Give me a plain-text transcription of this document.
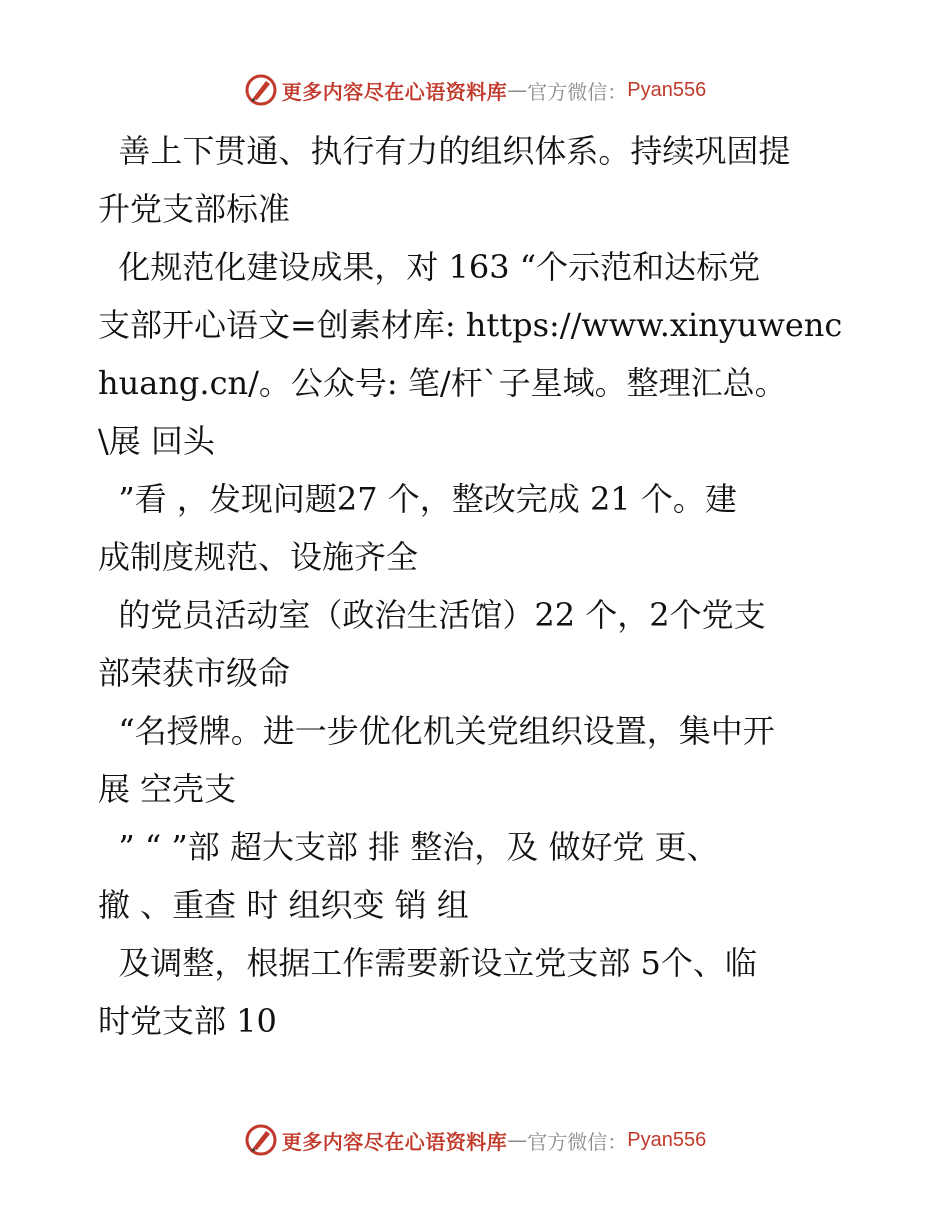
更多内容尽在心语资料库 — 官方微信： Pyan556
善上下贯通、执行有力的组织体系。持续巩固提
升党支部标准
化规范化建设成果，对 163 “个示范和达标党
支部开心语文=创素材库: https://www.xinyuwenc
huang.cn/。公众号: 笔/杆`子星域。整理汇总。
\展 回头
”看 ，发现问题27 个，整改完成 21 个。建
成制度规范、设施齐全
的党员活动室（政治生活馆）22 个，2个党支
部荣获市级命
“名授牌。进一步优化机关党组织设置，集中开
展 空壳支
” “ ”部 超大支部 排 整治，及 做好党 更、
撤 、重查 时 组织变 销 组
及调整，根据工作需要新设立党支部 5个、临
时党支部 10
更多内容尽在心语资料库 — 官方微信： Pyan556
